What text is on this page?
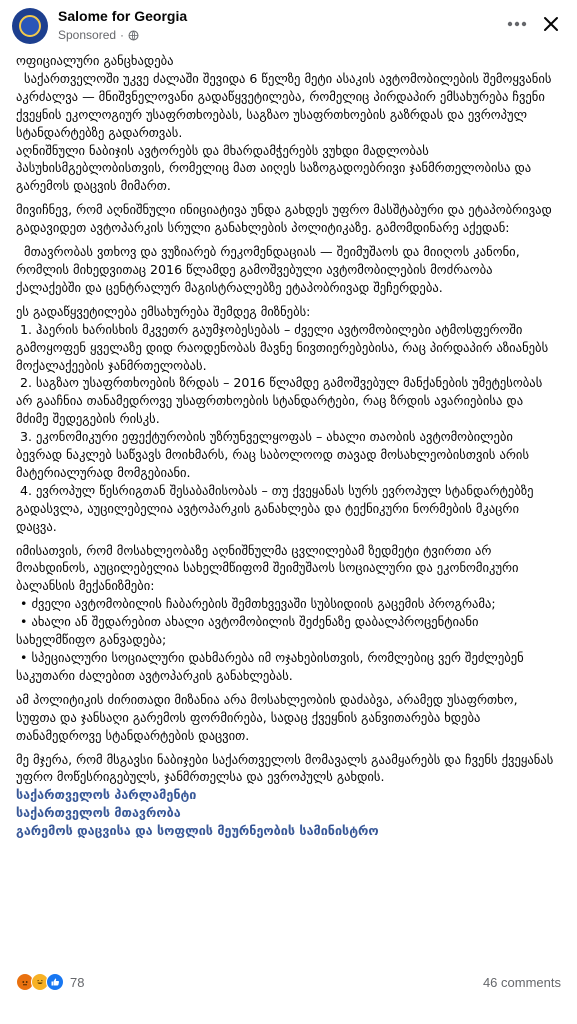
Salome for Georgia
Sponsored ·

ოფიციალური განცხადება

საქართველოში უკვე ძალაში შევიდა 6 წელზე მეტი ასაკის ავტომობილების შემოყვანის აკრძალვა — მნიშვნელოვანი გადაწყვეტილება, რომელიც პირდაპირ ემსახურება ჩვენი ქვეყნის ეკოლოგიურ უსაფრთხოებას, საგზაო უსაფრთხოების გაზრდას და ევროპულ სტანდარტებზე გადართვას.
აღნიშნული ნაბიჯის ავტორებს და მხარდამჭერებს ვუხდი მადლობას პასუხისმგებლობისთვის, რომელიც მათ აიღეს საზოგადოებრივი ჯანმრთელობისა და გარემოს დაცვის მიმართ.

მივიჩნევ, რომ აღნიშნული ინიციატივა უნდა გახდეს უფრო მასშტაბური და ეტაპობრივად გადავიდეთ ავტოპარკის სრული განახლების პოლიტიკაზე. გამომდინარე აქედან:

მთავრობას ვთხოვ და ვუზიარებ რეკომენდაციას — შეიმუშაოს და მიიღოს კანონი, რომლის მიხედვითაც 2016 წლამდე გამოშვებული ავტომობილების მოძრაობა ქალაქებში და ცენტრალურ მაგისტრალებზე ეტაპობრივად შეჩერდება.

ეს გადაწყვეტილება ემსახურება შემდეგ მიზნებს:
1. ჰაერის ხარისხის მკვეთრ გაუმჯობესებას – ძველი ავტომობილები ატმოსფეროში გამოყოფენ ყველაზე დიდ რაოდენობას მავნე ნივთიერებებისა, რაც პირდაპირ აზიანებს მოქალაქეების ჯანმრთელობას.
2. საგზაო უსაფრთხოების ზრდას – 2016 წლამდე გამოშვებულ მანქანების უმეტესობას არ გააჩნია თანამედროვე უსაფრთხოების სტანდარტები, რაც ზრდის ავარიებისა და მძიმე შედეგების რისკს.
3. ეკონომიკური ეფექტურობის უზრუნველყოფას – ახალი თაობის ავტომობილები ბევრად ნაკლებ საწვავს მოიხმარს, რაც საბოლოოდ თავად მოსახლეობისთვის არის მატერიალურად მომგებიანი.
4. ევროპულ წესრიგთან შესაბამისობას – თუ ქვეყანას სურს ევროპულ სტანდარტებზე გადასვლა, აუცილებელია ავტოპარკის განახლება და ტექნიკური ნორმების მკაცრი დაცვა.

იმისათვის, რომ მოსახლეობაზე აღნიშნულმა ცვლილებამ ზედმეტი ტვირთი არ მოახდინოს, აუცილებელია სახელმწიფომ შეიმუშაოს სოციალური და ეკონომიკური ბალანსის მექანიზმები:
• ძველი ავტომობილის ჩაბარების შემთხვევაში სუბსიდიის გაცემის პროგრამა;
• ახალი ან შედარებით ახალი ავტომობილის შეძენაზე დაბალპროცენტიანი სახელმწიფო განვადება;
• სპეციალური სოციალური დახმარება იმ ოჯახებისთვის, რომლებიც ვერ შეძლებენ საკუთარი ძალებით ავტოპარკის განახლებას.

ამ პოლიტიკის ძირითადი მიზანია არა მოსახლეობის დაძაბვა, არამედ უსაფრთხო, სუფთა და ჯანსაღი გარემოს ფორმირება, სადაც ქვეყნის განვითარება ხდება თანამედროვე სტანდარტების დაცვით.

მე მჯერა, რომ მსგავსი ნაბიჯები საქართველოს მომავალს გაამყარებს და ჩვენს ქვეყანას უფრო მოწესრიგებულს, ჯანმრთელსა და ევროპულს გახდის.

საქართველოს პარლამენტი
საქართველოს მთავრობა
გარემოს დაცვისა და სოფლის მეურნეობის სამინისტრო
78	46 comments
